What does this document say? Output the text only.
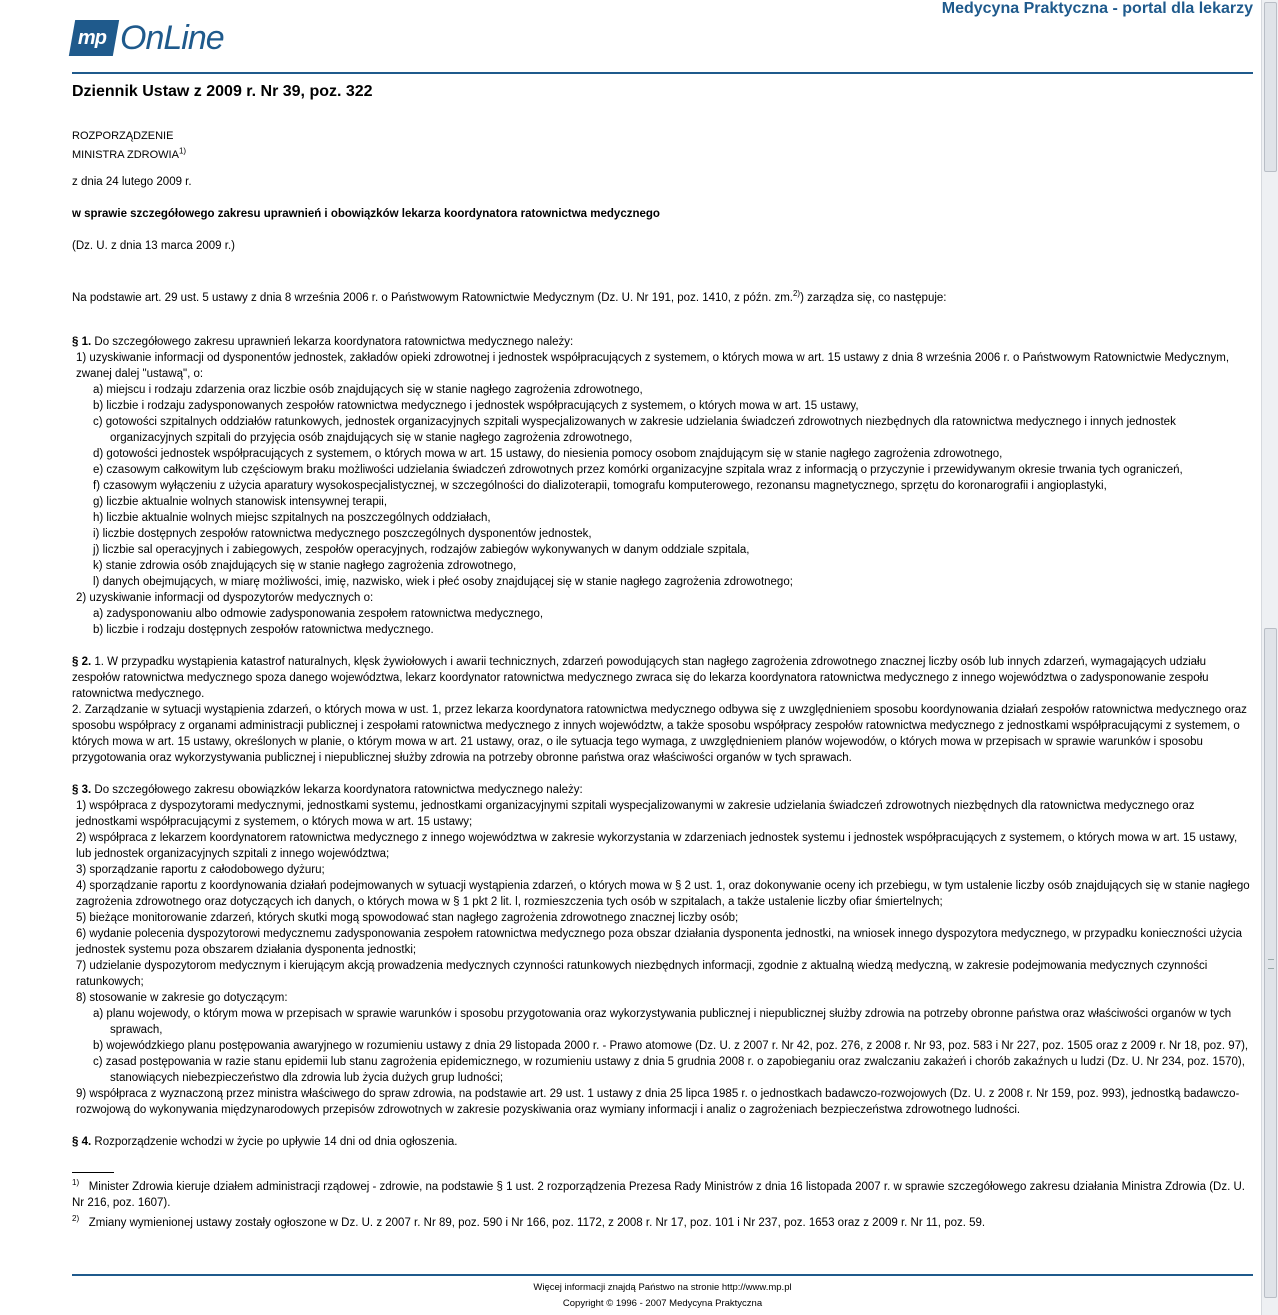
mp OnLine
Medycyna Praktyczna - portal dla lekarzy
Dziennik Ustaw z 2009 r. Nr 39, poz. 322

ROZPORZĄDZENIE

MINISTRA ZDROWIA$^{1)}$

z dnia 24 lutego 2009 r.

w sprawie szczegółowego zakresu uprawnień i obowiązków lekarza koordynatora ratownictwa medycznego

(Dz. U. z dnia 13 marca 2009 r.)

Na podstawie art. 29 ust. 5 ustawy z dnia 8 września 2006 r. o Państwowym Ratownictwie Medycznym (Dz. U. Nr 191, poz. 1410, z późn. zm.$^{2)}$) zarządza się, co następuje:

§ 1. Do szczegółowego zakresu uprawnień lekarza koordynatora ratownictwa medycznego należy:

1) uzyskiwanie informacji od dysponentów jednostek, zakładów opieki zdrowotnej i jednostek współpracujących z systemem, o których mowa w art. 15 ustawy z dnia 8 września 2006 r. o Państwowym Ratownictwie Medycznym, zwanej dalej "ustawą", o:

a) miejscu i rodzaju zdarzenia oraz liczbie osób znajdujących się w stanie nagłego zagrożenia zdrowotnego,

b) liczbie i rodzaju zadysponowanych zespołów ratownictwa medycznego i jednostek współpracujących z systemem, o których mowa w art. 15 ustawy,

c) gotowości szpitalnych oddziałów ratunkowych, jednostek organizacyjnych szpitali wyspecjalizowanych w zakresie udzielania świadczeń zdrowotnych niezbędnych dla ratownictwa medycznego i innych jednostek organizacyjnych szpitali do przyjęcia osób znajdujących się w stanie nagłego zagrożenia zdrowotnego,

d) gotowości jednostek współpracujących z systemem, o których mowa w art. 15 ustawy, do niesienia pomocy osobom znajdującym się w stanie nagłego zagrożenia zdrowotnego,

e) czasowym całkowitym lub częściowym braku możliwości udzielania świadczeń zdrowotnych przez komórki organizacyjne szpitala wraz z informacją o przyczynie i przewidywanym okresie trwania tych ograniczeń,

f) czasowym wyłączeniu z użycia aparatury wysokospecjalistycznej, w szczególności do dializoterapii, tomografu komputerowego, rezonansu magnetycznego, sprzętu do koronarografii i angioplastyki,

g) liczbie aktualnie wolnych stanowisk intensywnej terapii,

h) liczbie aktualnie wolnych miejsc szpitalnych na poszczególnych oddziałach,

i) liczbie dostępnych zespołów ratownictwa medycznego poszczególnych dysponentów jednostek,

j) liczbie sal operacyjnych i zabiegowych, zespołów operacyjnych, rodzajów zabiegów wykonywanych w danym oddziale szpitala,

k) stanie zdrowia osób znajdujących się w stanie nagłego zagrożenia zdrowotnego,

l) danych obejmujących, w miarę możliwości, imię, nazwisko, wiek i płeć osoby znajdującej się w stanie nagłego zagrożenia zdrowotnego;

2) uzyskiwanie informacji od dyspozytorów medycznych o:

a) zadysponowaniu albo odmowie zadysponowania zespołem ratownictwa medycznego,

b) liczbie i rodzaju dostępnych zespołów ratownictwa medycznego.

§ 2. 1. W przypadku wystąpienia katastrof naturalnych, klęsk żywiołowych i awarii technicznych, zdarzeń powodujących stan nagłego zagrożenia zdrowotnego znacznej liczby osób lub innych zdarzeń, wymagających udziału zespołów ratownictwa medycznego spoza danego województwa, lekarz koordynator ratownictwa medycznego zwraca się do lekarza koordynatora ratownictwa medycznego z innego województwa o zadysponowanie zespołu ratownictwa medycznego.

2. Zarządzanie w sytuacji wystąpienia zdarzeń, o których mowa w ust. 1, przez lekarza koordynatora ratownictwa medycznego odbywa się z uwzględnieniem sposobu koordynowania działań zespołów ratownictwa medycznego oraz sposobu współpracy z organami administracji publicznej i zespołami ratownictwa medycznego z innych województw, a także sposobu współpracy zespołów ratownictwa medycznego z jednostkami współpracującymi z systemem, o których mowa w art. 15 ustawy, określonych w planie, o którym mowa w art. 21 ustawy, oraz, o ile sytuacja tego wymaga, z uwzględnieniem planów wojewodów, o których mowa w przepisach w sprawie warunków i sposobu przygotowania oraz wykorzystywania publicznej i niepublicznej służby zdrowia na potrzeby obronne państwa oraz właściwości organów w tych sprawach.

§ 3. Do szczegółowego zakresu obowiązków lekarza koordynatora ratownictwa medycznego należy:

1) współpraca z dyspozytorami medycznymi, jednostkami systemu, jednostkami organizacyjnymi szpitali wyspecjalizowanymi w zakresie udzielania świadczeń zdrowotnych niezbędnych dla ratownictwa medycznego oraz jednostkami współpracującymi z systemem, o których mowa w art. 15 ustawy;

2) współpraca z lekarzem koordynatorem ratownictwa medycznego z innego województwa w zakresie wykorzystania w zdarzeniach jednostek systemu i jednostek współpracujących z systemem, o których mowa w art. 15 ustawy, lub jednostek organizacyjnych szpitali z innego województwa;

3) sporządzanie raportu z całodobowego dyżuru;

4) sporządzanie raportu z koordynowania działań podejmowanych w sytuacji wystąpienia zdarzeń, o których mowa w § 2 ust. 1, oraz dokonywanie oceny ich przebiegu, w tym ustalenie liczby osób znajdujących się w stanie nagłego zagrożenia zdrowotnego oraz dotyczących ich danych, o których mowa w § 1 pkt 2 lit. l, rozmieszczenia tych osób w szpitalach, a także ustalenie liczby ofiar śmiertelnych;

5) bieżące monitorowanie zdarzeń, których skutki mogą spowodować stan nagłego zagrożenia zdrowotnego znacznej liczby osób;

6) wydanie polecenia dyspozytorowi medycznemu zadysponowania zespołem ratownictwa medycznego poza obszar działania dysponenta jednostki, na wniosek innego dyspozytora medycznego, w przypadku konieczności użycia jednostek systemu poza obszarem działania dysponenta jednostki;

7) udzielanie dyspozytorom medycznym i kierującym akcją prowadzenia medycznych czynności ratunkowych niezbędnych informacji, zgodnie z aktualną wiedzą medyczną, w zakresie podejmowania medycznych czynności ratunkowych;

8) stosowanie w zakresie go dotyczącym:

a) planu wojewody, o którym mowa w przepisach w sprawie warunków i sposobu przygotowania oraz wykorzystywania publicznej i niepublicznej służby zdrowia na potrzeby obronne państwa oraz właściwości organów w tych sprawach,

b) wojewódzkiego planu postępowania awaryjnego w rozumieniu ustawy z dnia 29 listopada 2000 r. - Prawo atomowe (Dz. U. z 2007 r. Nr 42, poz. 276, z 2008 r. Nr 93, poz. 583 i Nr 227, poz. 1505 oraz z 2009 r. Nr 18, poz. 97),

c) zasad postępowania w razie stanu epidemii lub stanu zagrożenia epidemicznego, w rozumieniu ustawy z dnia 5 grudnia 2008 r. o zapobieganiu oraz zwalczaniu zakażeń i chorób zakaźnych u ludzi (Dz. U. Nr 234, poz. 1570), stanowiących niebezpieczeństwo dla zdrowia lub życia dużych grup ludności;

9) współpraca z wyznaczoną przez ministra właściwego do spraw zdrowia, na podstawie art. 29 ust. 1 ustawy z dnia 25 lipca 1985 r. o jednostkach badawczo-rozwojowych (Dz. U. z 2008 r. Nr 159, poz. 993), jednostką badawczo-rozwojową do wykonywania międzynarodowych przepisów zdrowotnych w zakresie pozyskiwania oraz wymiany informacji i analiz o zagrożeniach bezpieczeństwa zdrowotnego ludności.

§ 4. Rozporządzenie wchodzi w życie po upływie 14 dni od dnia ogłoszenia.

$^{1)}$ Minister Zdrowia kieruje działem administracji rządowej - zdrowie, na podstawie § 1 ust. 2 rozporządzenia Prezesa Rady Ministrów z dnia 16 listopada 2007 r. w sprawie szczegółowego zakresu działania Ministra Zdrowia (Dz. U. Nr 216, poz. 1607).

$^{2)}$ Zmiany wymienionej ustawy zostały ogłoszone w Dz. U. z 2007 r. Nr 89, poz. 590 i Nr 166, poz. 1172, z 2008 r. Nr 17, poz. 101 i Nr 237, poz. 1653 oraz z 2009 r. Nr 11, poz. 59.

Więcej informacji znajdą Państwo na stronie http://www.mp.pl
Copyright © 1996 - 2007 Medycyna Praktyczna
